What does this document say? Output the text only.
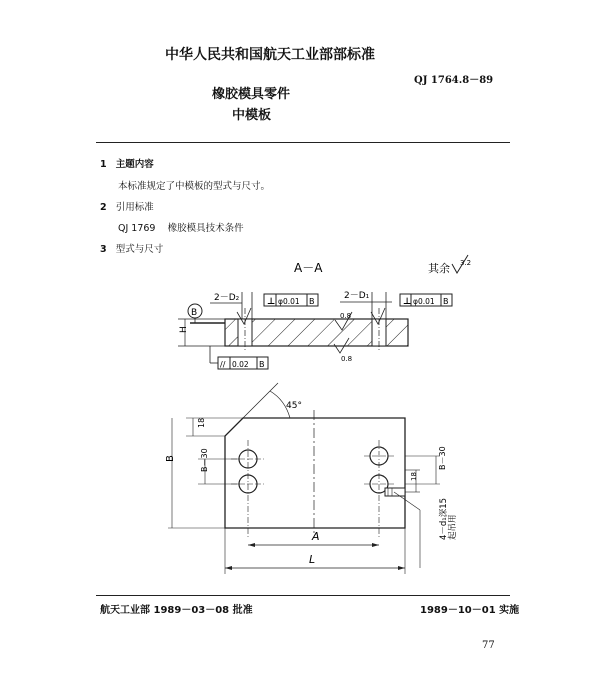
中华人民共和国航天工业部部标准
QJ 1764.8－89
橡胶模具零件
中模板
1 主题内容
本标准规定了中模板的型式与尺寸。
2 引用标准
QJ 1769 橡胶模具技术条件
3 型式与尺寸
A－A	其余 3.2
2－D₂	⊥ φ0.01 B
2－D₁
⊥ φ0.01 B
0.8
0.8
B
H
// 0.02 B
45°
18
B	B－30	B－30
18
4－d₁深15 起吊用
A
L
航天工业部 1989－03－08 批准	1989－10－01 实施
77
